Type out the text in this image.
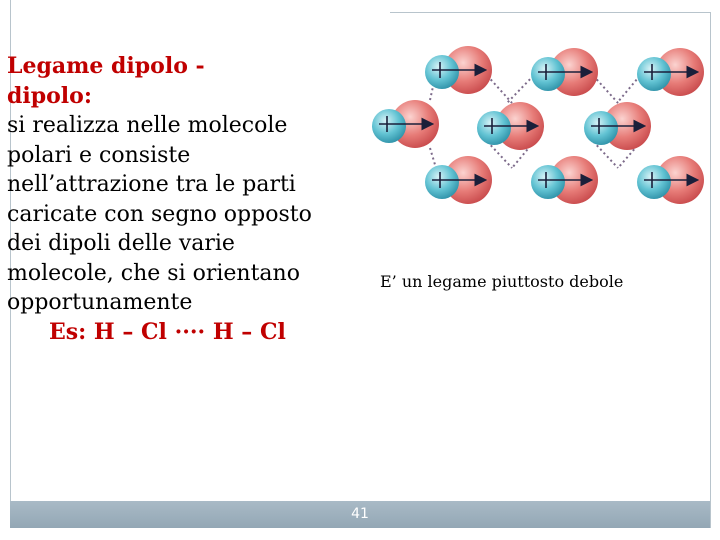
Legame dipolo -
dipolo:
si realizza nelle molecole
polari e consiste
nell’attrazione tra le parti
caricate con segno opposto
dei dipoli delle varie
molecole, che si orientano
opportunamente
Es: H – Cl ···· H – Cl
E’ un legame piuttosto debole
41
